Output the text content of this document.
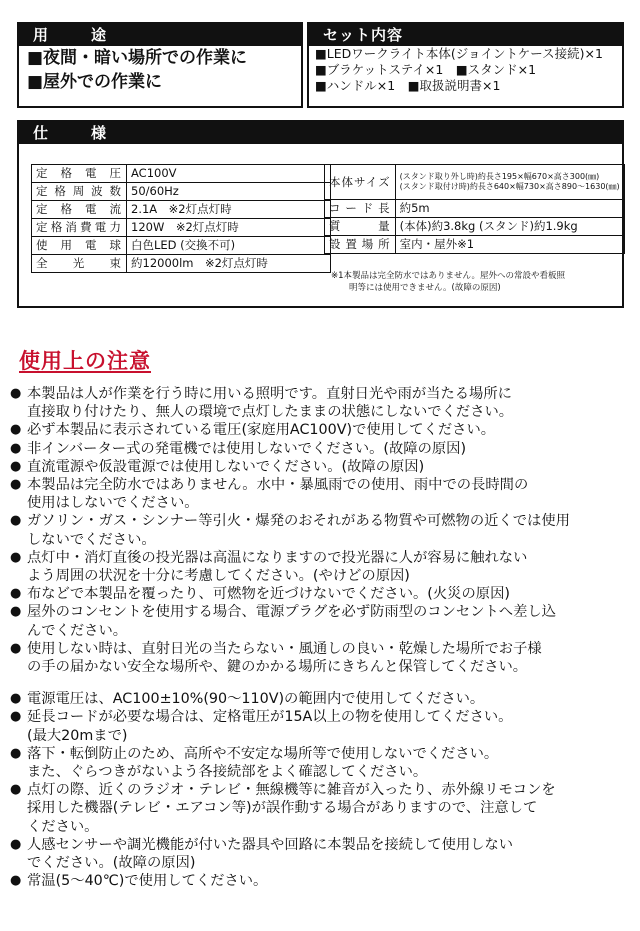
用　途
■夜間・暗い場所での作業に
■屋外での作業に
セット内容
■LEDワークライト本体(ジョイントケース接続)×1
■ブラケットステイ×1　■スタンド×1
■ハンドル×1　■取扱説明書×1
仕　様
定格電圧	AC100V
定格周波数	50/60Hz
定格電流	2.1A　※2灯点灯時
定格消費電力	120W　※2灯点灯時
使用電球	白色LED (交換不可)
全光束	約12000lm　※2灯点灯時
本体サイズ	(スタンド取り外し時)約長さ195×幅670×高さ300(㎜)
(スタンド取付け時)約長さ640×幅730×高さ890〜1630(㎜)

コード長	約5m
質量	(本体)約3.8kg (スタンド)約1.9kg
設置場所	室内・屋外※1
※1本製品は完全防水ではありません。屋外への常設や看板照
明等には使用できません。(故障の原因)
使用上の注意
● 本製品は人が作業を行う時に用いる照明です。直射日光や雨が当たる場所に
直接取り付けたり、無人の環境で点灯したままの状態にしないでください。
● 必ず本製品に表示されている電圧(家庭用AC100V)で使用してください。
● 非インバーター式の発電機では使用しないでください。(故障の原因)
● 直流電源や仮設電源では使用しないでください。(故障の原因)
● 本製品は完全防水ではありません。水中・暴風雨での使用、雨中での長時間の
使用はしないでください。
● ガソリン・ガス・シンナー等引火・爆発のおそれがある物質や可燃物の近くでは使用
しないでください。
● 点灯中・消灯直後の投光器は高温になりますので投光器に人が容易に触れない
よう周囲の状況を十分に考慮してください。(やけどの原因)
● 布などで本製品を覆ったり、可燃物を近づけないでください。(火災の原因)
● 屋外のコンセントを使用する場合、電源プラグを必ず防雨型のコンセントへ差し込
んでください。
● 使用しない時は、直射日光の当たらない・風通しの良い・乾燥した場所でお子様
の手の届かない安全な場所や、鍵のかかる場所にきちんと保管してください。
● 電源電圧は、AC100±10%(90〜110V)の範囲内で使用してください。
● 延長コードが必要な場合は、定格電圧が15A以上の物を使用してください。
(最大20mまで)
● 落下・転倒防止のため、高所や不安定な場所等で使用しないでください。
また、ぐらつきがないよう各接続部をよく確認してください。
● 点灯の際、近くのラジオ・テレビ・無線機等に雑音が入ったり、赤外線リモコンを
採用した機器(テレビ・エアコン等)が誤作動する場合がありますので、注意して
ください。
● 人感センサーや調光機能が付いた器具や回路に本製品を接続して使用しない
でください。(故障の原因)
● 常温(5〜40℃)で使用してください。
